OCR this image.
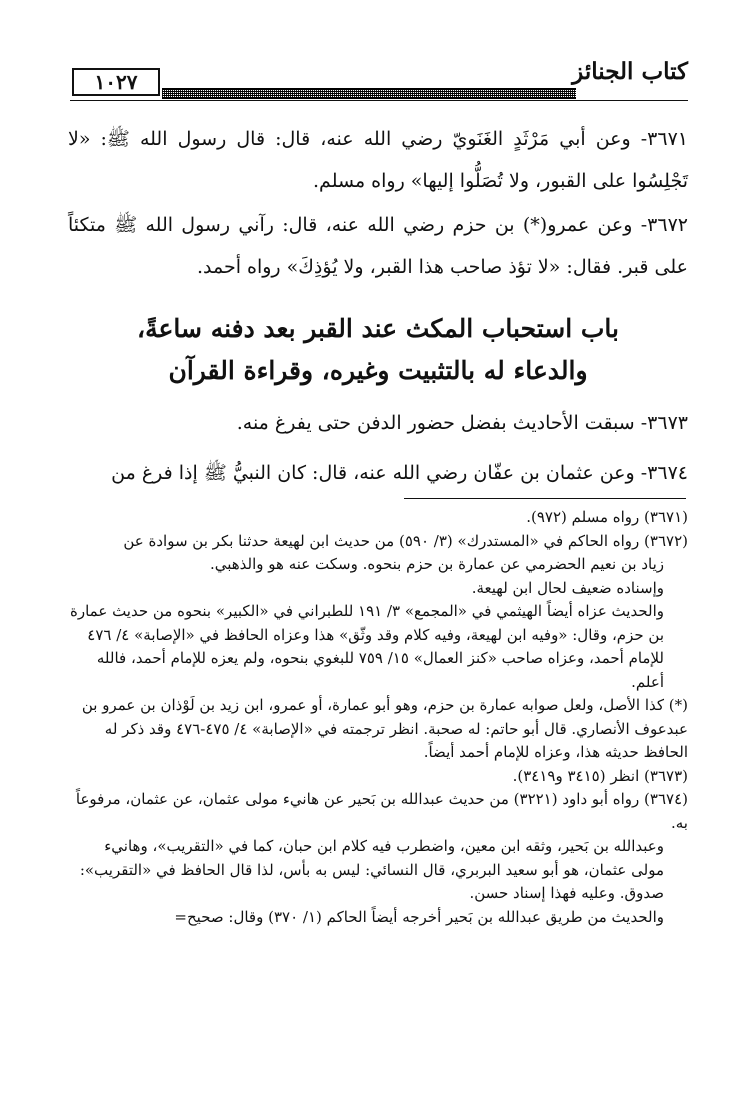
كتاب الجنائز
١٠٢٧
٣٦٧١- وعن أبي مَرْثَدٍ الغَنَويّ رضي الله عنه، قال: قال رسول الله ﷺ: «لا تَجْلِسُوا على القبور، ولا تُصَلُّوا إليها» رواه مسلم.
٣٦٧٢- وعن عمرو(*) بن حزم رضي الله عنه، قال: رآني رسول الله ﷺ متكئاً على قبر. فقال: «لا تؤذ صاحب هذا القبر، ولا يُؤذِكَ» رواه أحمد.
باب استحباب المكث عند القبر بعد دفنه ساعةً،
والدعاء له بالتثبيت وغيره، وقراءة القرآن
٣٦٧٣- سبقت الأحاديث بفضل حضور الدفن حتى يفرغ منه.
٣٦٧٤- وعن عثمان بن عفّان رضي الله عنه، قال: كان النبيُّ ﷺ إذا فرغ من

(٣٦٧١) رواه مسلم (٩٧٢).

(٣٦٧٢) رواه الحاكم في «المستدرك» (٣/ ٥٩٠) من حديث ابن لهيعة حدثنا بكر بن سوادة عن

زياد بن نعيم الحضرمي عن عمارة بن حزم بنحوه. وسكت عنه هو والذهبي.

وإسناده ضعيف لحال ابن لهيعة.

والحديث عزاه أيضاً الهيثمي في «المجمع» ٣/ ١٩١ للطبراني في «الكبير» بنحوه من حديث عمارة بن حزم، وقال: «وفيه ابن لهيعة، وفيه كلام وقد وثّق» هذا وعزاه الحافظ في «الإصابة» ٤/ ٤٧٦ للإمام أحمد، وعزاه صاحب «كنز العمال» ١٥/ ٧٥٩ للبغوي بنحوه، ولم يعزه للإمام أحمد، فالله أعلم.

(*) كذا الأصل، ولعل صوابه عمارة بن حزم، وهو أبو عمارة، أو عمرو، ابن زيد بن لَوْذان بن عمرو بن عبدعوف الأنصاري. قال أبو حاتم: له صحبة. انظر ترجمته في «الإصابة» ٤/ ٤٧٥-٤٧٦ وقد ذكر له الحافظ حديثه هذا، وعزاه للإمام أحمد أيضاً.

(٣٦٧٣) انظر (٣٤١٥ و٣٤١٩).

(٣٦٧٤) رواه أبو داود (٣٢٢١) من حديث عبدالله بن بَحير عن هانيء مولى عثمان، عن عثمان، مرفوعاً به.

وعبدالله بن بَحير، وثقه ابن معين، واضطرب فيه كلام ابن حبان، كما في «التقريب»، وهانيء مولى عثمان، هو أبو سعيد البربري، قال النسائي: ليس به بأس، لذا قال الحافظ في «التقريب»: صدوق. وعليه فهذا إسناد حسن.

والحديث من طريق عبدالله بن بَحير أخرجه أيضاً الحاكم (١/ ٣٧٠) وقال: صحيح=
